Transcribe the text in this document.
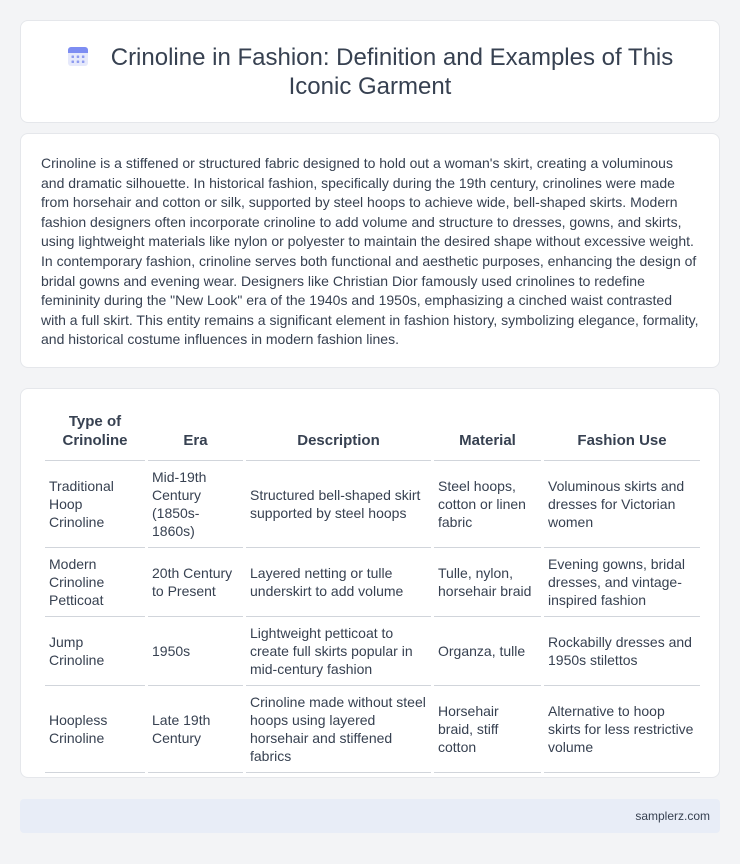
Crinoline in Fashion: Definition and Examples of This Iconic Garment

Crinoline is a stiffened or structured fabric designed to hold out a woman's skirt, creating a voluminous and dramatic silhouette. In historical fashion, specifically during the 19th century, crinolines were made from horsehair and cotton or silk, supported by steel hoops to achieve wide, bell-shaped skirts. Modern fashion designers often incorporate crinoline to add volume and structure to dresses, gowns, and skirts, using lightweight materials like nylon or polyester to maintain the desired shape without excessive weight. In contemporary fashion, crinoline serves both functional and aesthetic purposes, enhancing the design of bridal gowns and evening wear. Designers like Christian Dior famously used crinolines to redefine femininity during the "New Look" era of the 1940s and 1950s, emphasizing a cinched waist contrasted with a full skirt. This entity remains a significant element in fashion history, symbolizing elegance, formality, and historical costume influences in modern fashion lines.

Type of Crinoline	Era	Description	Material	Fashion Use
Traditional Hoop Crinoline	Mid-19th Century (1850s-1860s)	Structured bell-shaped skirt supported by steel hoops	Steel hoops, cotton or linen fabric	Voluminous skirts and dresses for Victorian women
Modern Crinoline Petticoat	20th Century to Present	Layered netting or tulle underskirt to add volume	Tulle, nylon, horsehair braid	Evening gowns, bridal dresses, and vintage-inspired fashion
Jump Crinoline	1950s	Lightweight petticoat to create full skirts popular in mid-century fashion	Organza, tulle	Rockabilly dresses and 1950s stilettos
Hoopless Crinoline	Late 19th Century	Crinoline made without steel hoops using layered horsehair and stiffened fabrics	Horsehair braid, stiff cotton	Alternative to hoop skirts for less restrictive volume
samplerz.com
